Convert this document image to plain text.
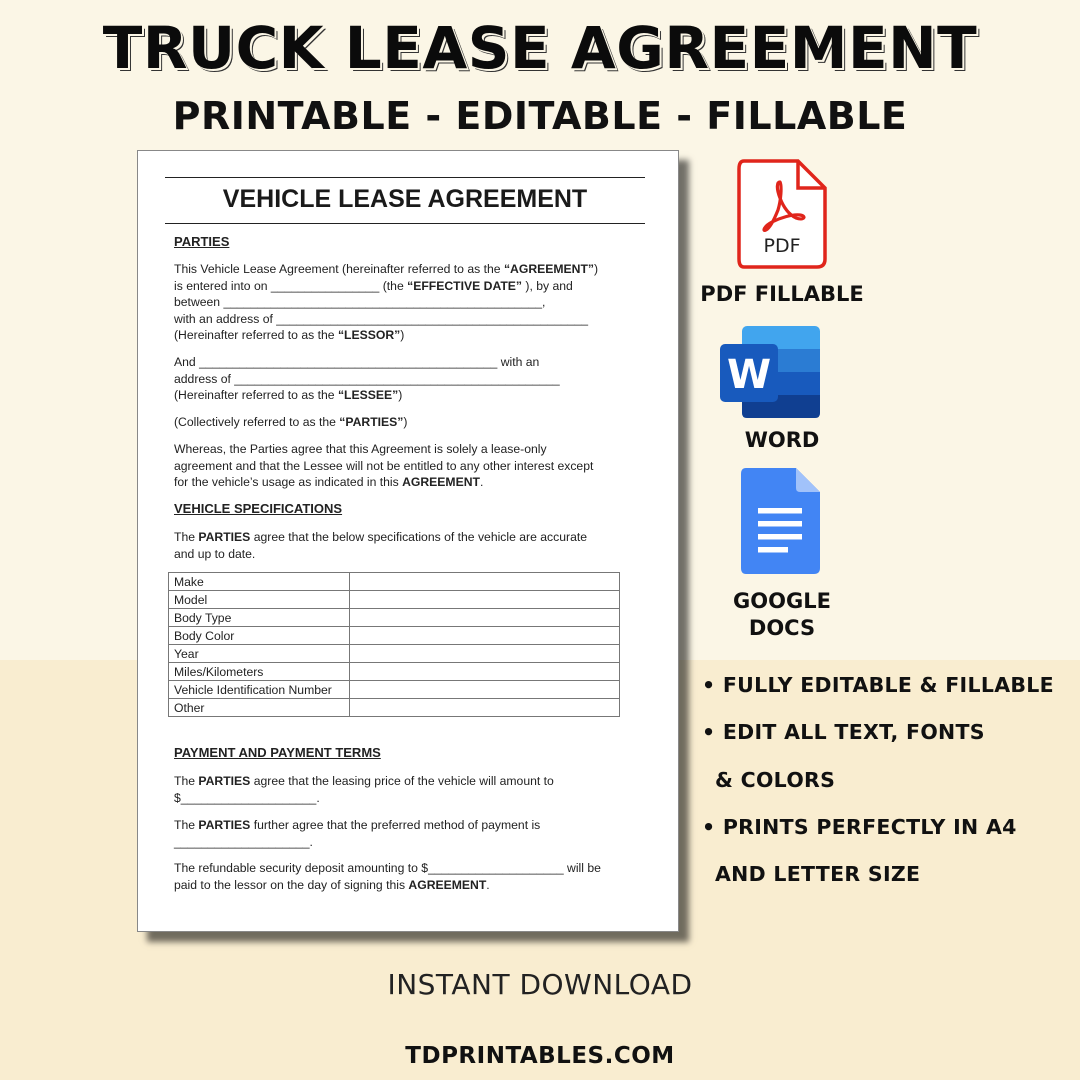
TRUCK LEASE AGREEMENT
PRINTABLE - EDITABLE - FILLABLE
VEHICLE LEASE AGREEMENT
PARTIES

This Vehicle Lease Agreement (hereinafter referred to as the “AGREEMENT”)

is entered into on ________________ (the “EFFECTIVE DATE” ), by and

between _______________________________________________,

with an address of ______________________________________________

(Hereinafter referred to as the “LESSOR”)

And ____________________________________________ with an

address of ________________________________________________

(Hereinafter referred to as the “LESSEE”)

(Collectively referred to as the “PARTIES”)

Whereas, the Parties agree that this Agreement is solely a lease-only

agreement and that the Lessee will not be entitled to any other interest except

for the vehicle’s usage as indicated in this AGREEMENT.

VEHICLE SPECIFICATIONS

The PARTIES agree that the below specifications of the vehicle are accurate

and up to date.

Make	
Model	
Body Type	
Body Color	
Year	
Miles/Kilometers	
Vehicle Identification Number	
Other	
PAYMENT AND PAYMENT TERMS

The PARTIES agree that the leasing price of the vehicle will amount to

$____________________.

The PARTIES further agree that the preferred method of payment is

____________________.

The refundable security deposit amounting to $____________________ will be

paid to the lessor on the day of signing this AGREEMENT.

PDF
PDF FILLABLE
W
WORD
GOOGLE
DOCS
• FULLY EDITABLE & FILLABLE
• EDIT ALL TEXT, FONTS
& COLORS
• PRINTS PERFECTLY IN A4
AND LETTER SIZE
INSTANT DOWNLOAD
TDPRINTABLES.COM
